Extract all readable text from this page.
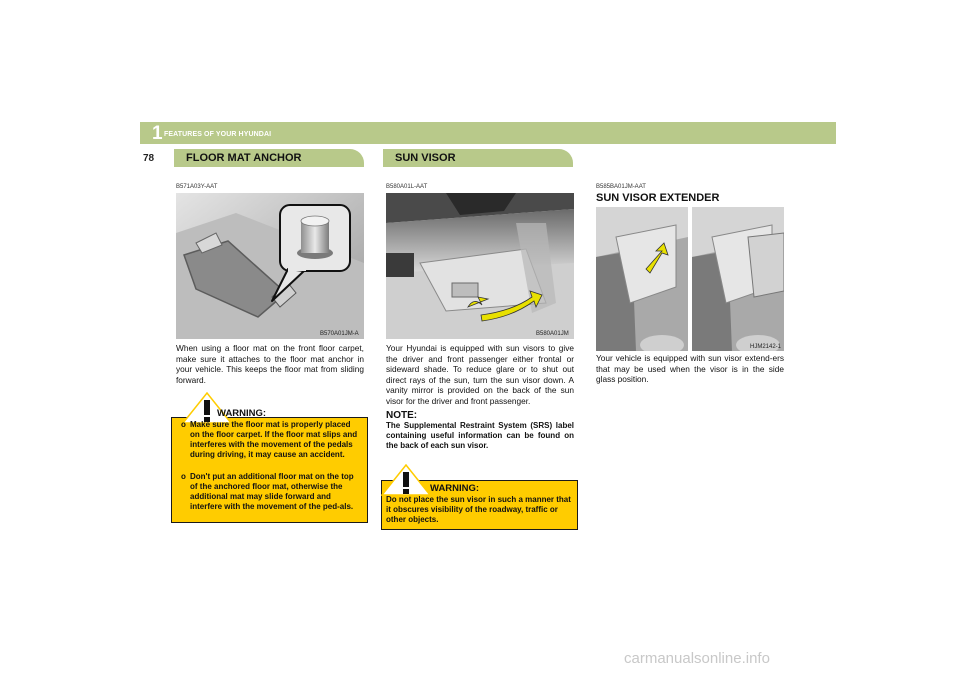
1 FEATURES OF YOUR HYUNDAI
78	FLOOR MAT ANCHOR	SUN VISOR
B571A03Y-AAT
B570A01JM-A

When using a floor mat on the front floor carpet, make sure it attaches to the floor mat anchor in your vehicle. This keeps the floor mat from sliding forward.

WARNING:

o Make sure the floor mat is properly placed on the floor carpet. If the floor mat slips and interferes with the movement of the pedals during driving, it may cause an accident.

o Don't put an additional floor mat on the top of the anchored floor mat, otherwise the additional mat may slide forward and interfere with the movement of the ped-als.

B580A01L-AAT
B580A01JM

Your Hyundai is equipped with sun visors to give the driver and front passenger either frontal or sideward shade. To reduce glare or to shut out direct rays of the sun, turn the sun visor down. A vanity mirror is provided on the back of the sun visor for the driver and front passenger.

NOTE:

The Supplemental Restraint System (SRS) label containing useful information can be found on the back of each sun visor.

WARNING:

Do not place the sun visor in such a manner that it obscures visibility of the roadway, traffic or other objects.

B585BA01JM-AAT
SUN VISOR EXTENDER
HJM2142-1

Your vehicle is equipped with sun visor extend-ers that may be used when the visor is in the side glass position.

carmanualsonline.info
